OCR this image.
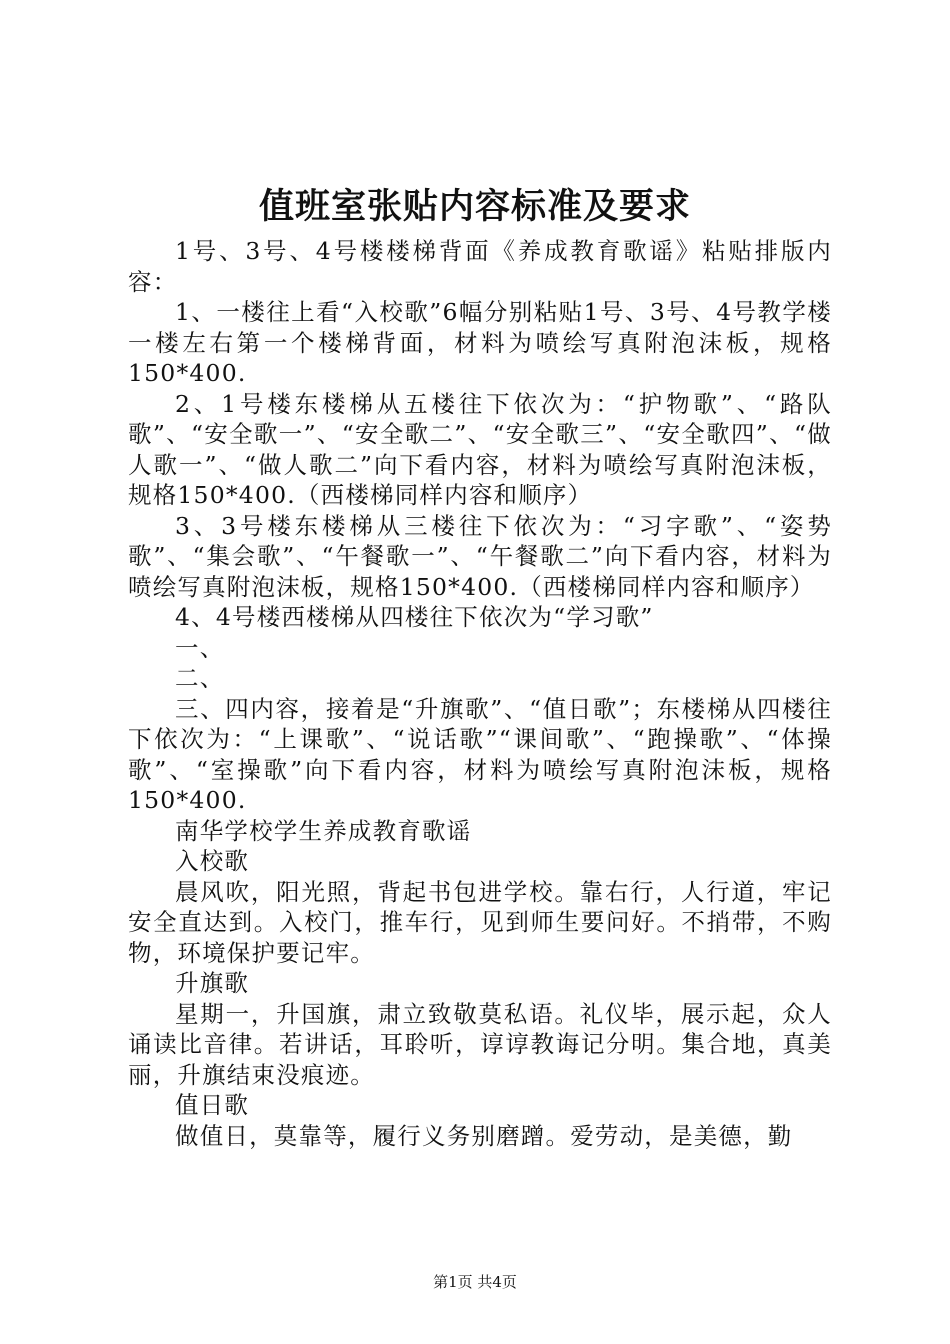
值班室张贴内容标准及要求

1号、3号、4号楼楼梯背面《养成教育歌谣》粘贴排版内容：

1、一楼往上看“入校歌”6幅分别粘贴1号、3号、4号教学楼一楼左右第一个楼梯背面，材料为喷绘写真附泡沫板，规格150*400.

2、1号楼东楼梯从五楼往下依次为：“护物歌”、“路队歌”、“安全歌一”、“安全歌二”、“安全歌三”、“安全歌四”、“做人歌一”、“做人歌二”向下看内容，材料为喷绘写真附泡沫板，规格150*400.（西楼梯同样内容和顺序）

3、3号楼东楼梯从三楼往下依次为：“习字歌”、“姿势歌”、“集会歌”、“午餐歌一”、“午餐歌二”向下看内容，材料为喷绘写真附泡沫板，规格150*400.（西楼梯同样内容和顺序）

4、4号楼西楼梯从四楼往下依次为“学习歌”

一、

二、

三、四内容，接着是“升旗歌”、“值日歌”；东楼梯从四楼往下依次为：“上课歌”、“说话歌”“课间歌”、“跑操歌”、“体操歌”、“室操歌”向下看内容，材料为喷绘写真附泡沫板，规格150*400.

南华学校学生养成教育歌谣

入校歌

晨风吹，阳光照，背起书包进学校。靠右行，人行道，牢记安全直达到。入校门，推车行，见到师生要问好。不捎带，不购物，环境保护要记牢。

升旗歌

星期一，升国旗，肃立致敬莫私语。礼仪毕，展示起，众人诵读比音律。若讲话，耳聆听，谆谆教诲记分明。集合地，真美丽，升旗结束没痕迹。

值日歌

做值日，莫靠等，履行义务别磨蹭。爱劳动，是美德，勤

第1页 共4页
